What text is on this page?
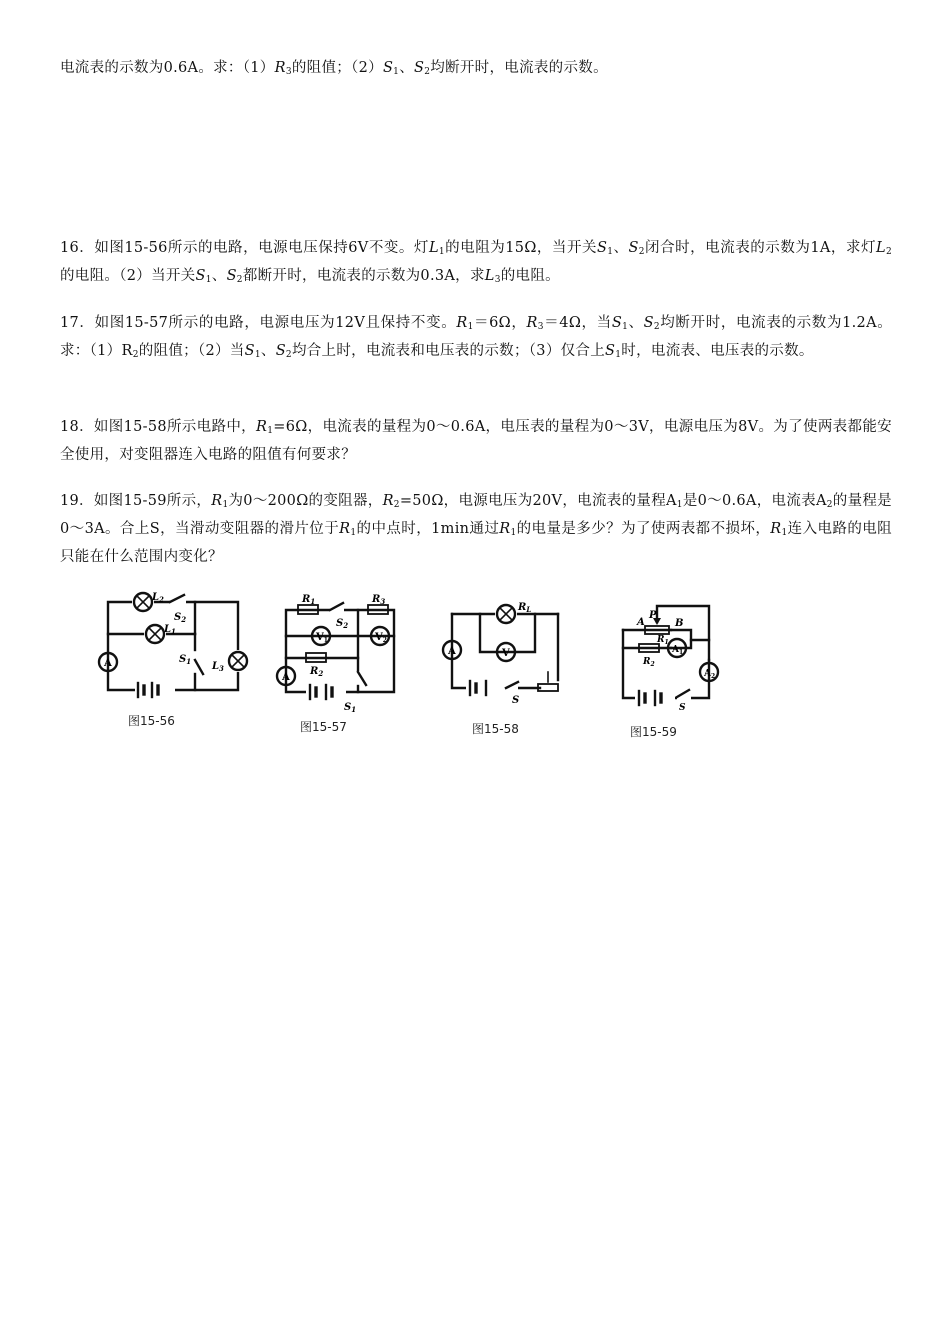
电流表的示数为0.6A。求：$(1)R_3$的阻值；$(2)S_1$、$S_2$均断开时，电流表的示数。
16．如图15-56所示的电路，电源电压保持6V不变。灯$L_1$的电阻为15Ω，当开关$S_1$、$S_2$闭合时，电流表的示数为1A，求灯$L_2$的电阻。（2）当开关$S_1$、$S_2$都断开时，电流表的示数为0.3A，求$L_3$的电阻。
17．如图15-57所示的电路，电源电压为12V且保持不变。$R_1=6\Omega$，$R_3=4\Omega$，当$S_1$、$S_2$均断开时，电流表的示数为1.2A。求：$(1)R_2$的阻值；（2）当$S_1$、$S_2$均合上时，电流表和电压表的示数；（3）仅合上$S_1$时，电流表、电压表的示数。
18．如图15-58所示电路中，$R_1=6\Omega$，电流表的量程为0～0.6A，电压表的量程为0～3V，电源电压为8V。为了使两表都能安全使用，对变阻器连入电路的阻值有何要求？
19．如图15-59所示，$R_1$为0～200Ω的变阻器，$R_2=50\Omega$，电源电压为20V，电流表的量程$A_1$是0～0.6A，电流表$A_2$的量程是0～3A。合上S，当滑动变阻器的滑片位于$R_1$的中点时，1min通过$R_1$的电量是多少？为了使两表都不损坏，$R_1$连入电路的电阻只能在什么范围内变化？
A
$L_2$
$S_2$
$L_1$
$S_1$ $L_3$
图15-56
$V_1$	$V_2$
A
$R_1$	$R_3$
$S_2$
$R_2$
$S_1$
图15-57
V
A
$R_L$
S
图15-58
$A_1$
$A_2$
P
A	B
$R_1$
$R_2$
S
图15-59
